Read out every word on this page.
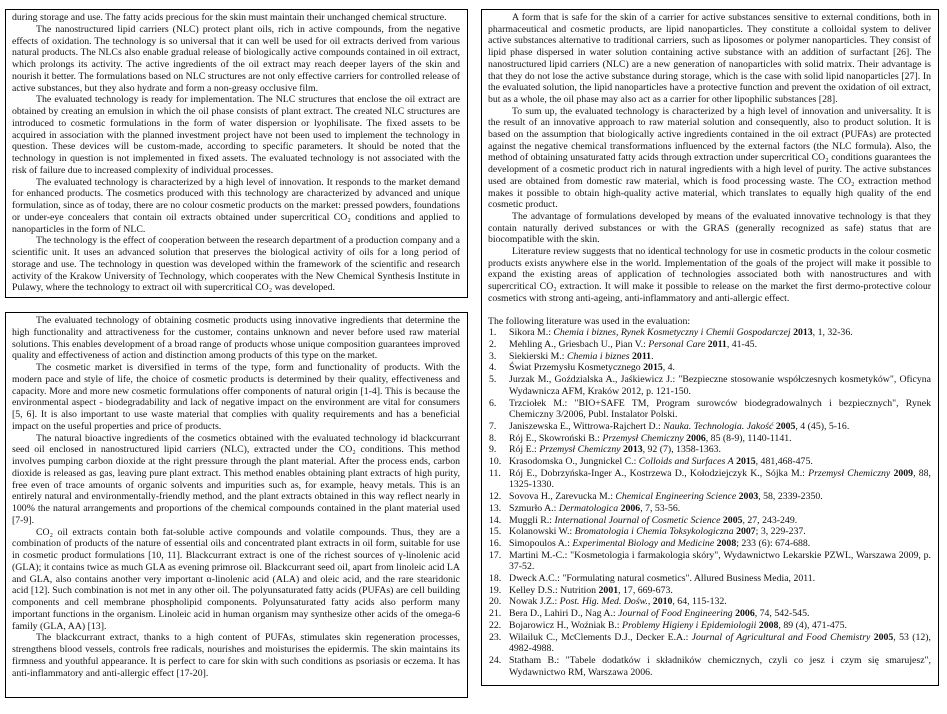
during storage and use. The fatty acids precious for the skin must maintain their unchanged chemical structure.

The nanostructured lipid carriers (NLC) protect plant oils, rich in active compounds, from the negative effects of oxidation. The technology is so universal that it can well be used for oil extracts derived from various natural products. The NLCs also enable gradual release of biologically active compounds contained in oil extract, which prolongs its activity. The active ingredients of the oil extract may reach deeper layers of the skin and nourish it better. The formulations based on NLC structures are not only effective carriers for controlled release of active substances, but they also hydrate and form a non-greasy occlusive film.

The evaluated technology is ready for implementation. The NLC structures that enclose the oil extract are obtained by creating an emulsion in which the oil phase consists of plant extract. The created NLC structures are introduced to cosmetic formulations in the form of water dispersion or lyophilisate. The fixed assets to be acquired in association with the planned investment project have not been used to implement the technology in question. These devices will be custom-made, according to specific parameters. It should be noted that the technology in question is not implemented in fixed assets. The evaluated technology is not associated with the risk of failure due to increased complexity of individual processes.

The evaluated technology is characterized by a high level of innovation. It responds to the market demand for enhanced products. The cosmetics produced with this technology are characterized by advanced and unique formulation, since as of today, there are no colour cosmetic products on the market: pressed powders, foundations or under-eye concealers that contain oil extracts obtained under supercritical CO₂ conditions and applied to nanoparticles in the form of NLC.

The technology is the effect of cooperation between the research department of a production company and a scientific unit. It uses an advanced solution that preserves the biological activity of oils for a long period of storage and use. The technology in question was developed within the framework of the scientific and research activity of the Krakow University of Technology, which cooperates with the New Chemical Synthesis Institute in Pulawy, where the technology to extract oil with supercritical CO₂ was developed.

The evaluated technology of obtaining cosmetic products using innovative ingredients that determine the high functionality and attractiveness for the customer, contains unknown and never before used raw material solutions. This enables development of a broad range of products whose unique composition guarantees improved quality and effectiveness of action and distinction among products of this type on the market.

The cosmetic market is diversified in terms of the type, form and functionality of products. With the modern pace and style of life, the choice of cosmetic products is determined by their quality, effectiveness and capacity. More and more new cosmetic formulations offer components of natural origin [1-4]. This is because the environmental aspect - biodegradability and lack of negative impact on the environment are vital for consumers [5, 6]. It is also important to use waste material that complies with quality requirements and has a beneficial impact on the useful properties and price of products.

The natural bioactive ingredients of the cosmetics obtained with the evaluated technology id blackcurrant seed oil enclosed in nanostructured lipid carriers (NLC), extracted under the CO₂ conditions. This method involves pumping carbon dioxide at the right pressure through the plant material. After the process ends, carbon dioxide is released as gas, leaving pure plant extract. This method enables obtaining plant extracts of high purity, free even of trace amounts of organic solvents and impurities such as, for example, heavy metals. This is an entirely natural and environmentally-friendly method, and the plant extracts obtained in this way reflect nearly in 100% the natural arrangements and proportions of the chemical compounds contained in the plant material used [7-9].

CO₂ oil extracts contain both fat-soluble active compounds and volatile compounds. Thus, they are a combination of products of the nature of essential oils and concentrated plant extracts in oil form, suitable for use in cosmetic product formulations [10, 11]. Blackcurrant extract is one of the richest sources of γ-linolenic acid (GLA); it contains twice as much GLA as evening primrose oil. Blackcurrant seed oil, apart from linoleic acid LA and GLA, also contains another very important α-linolenic acid (ALA) and oleic acid, and the rare stearidonic acid [12]. Such combination is not met in any other oil. The polyunsaturated fatty acids (PUFAs) are cell building components and cell membrane phospholipid components. Polyunsaturated fatty acids also perform many important functions in the organism. Linoleic acid in human organism may synthesize other acids of the omega-6 family (GLA, AA) [13].

The blackcurrant extract, thanks to a high content of PUFAs, stimulates skin regeneration processes, strengthens blood vessels, controls free radicals, nourishes and moisturises the epidermis. The skin maintains its firmness and youthful appearance. It is perfect to care for skin with such conditions as psoriasis or eczema. It has anti-inflammatory and anti-allergic effect [17-20].

A form that is safe for the skin of a carrier for active substances sensitive to external conditions, both in pharmaceutical and cosmetic products, are lipid nanoparticles. They constitute a colloidal system to deliver active substances alternative to traditional carriers, such as liposomes or polymer nanoparticles. They consist of lipid phase dispersed in water solution containing active substance with an addition of surfactant [26]. The nanostructured lipid carriers (NLC) are a new generation of nanoparticles with solid matrix. Their advantage is that they do not lose the active substance during storage, which is the case with solid lipid nanoparticles [27]. In the evaluated solution, the lipid nanoparticles have a protective function and prevent the oxidation of oil extract, but as a whole, the oil phase may also act as a carrier for other lipophilic substances [28].

To sum up, the evaluated technology is characterized by a high level of innovation and universality. It is the result of an innovative approach to raw material solution and consequently, also to product solution. It is based on the assumption that biologically active ingredients contained in the oil extract (PUFAs) are protected against the negative chemical transformations influenced by the external factors (the NLC formula). Also, the method of obtaining unsaturated fatty acids through extraction under supercritical CO₂ conditions guarantees the development of a cosmetic product rich in natural ingredients with a high level of purity. The active substances used are obtained from domestic raw material, which is food processing waste. The CO₂ extraction method makes it possible to obtain high-quality active material, which translates to equally high quality of the end cosmetic product.

The advantage of formulations developed by means of the evaluated innovative technology is that they contain naturally derived substances or with the GRAS (generally recognized as safe) status that are biocompatible with the skin.

Literature review suggests that no identical technology for use in cosmetic products in the colour cosmetic products exists anywhere else in the world. Implementation of the goals of the project will make it possible to expand the existing areas of application of technologies associated both with nanostructures and with supercritical CO₂ extraction. It will make it possible to release on the market the first dermo-protective colour cosmetics with strong anti-ageing, anti-inflammatory and anti-allergic effect.

The following literature was used in the evaluation:

1. Sikora M.: Chemia i biznes, Rynek Kosmetyczny i Chemii Gospodarczej 2013, 1, 32-36.
2. Mehling A., Griesbach U., Pian V.: Personal Care 2011, 41-45.
3. Siekierski M.: Chemia i biznes 2011.
4. Świat Przemysłu Kosmetycznego 2015, 4.
5. Jurzak M., Goździalska A., Jaśkiewicz J.: "Bezpieczne stosowanie współczesnych kosmetyków", Oficyna Wydawnicza AFM, Kraków 2012, p. 121-150.
6. Trzciołek M.: "BIO+SAFE TM, Program surowców biodegradowalnych i bezpiecznych", Rynek Chemiczny 3/2006, Publ. Instalator Polski.
7. Janiszewska E., Wittrowa-Rajchert D.: Nauka. Technologia. Jakość 2005, 4 (45), 5-16.
8. Rój E., Skowroński B.: Przemysł Chemiczny 2006, 85 (8-9), 1140-1141.
9. Rój E.: Przemysł Chemiczny 2013, 92 (7), 1358-1363.
10. Krasodomska O., Jungnickel C.: Colloids and Surfaces A 2015, 481,468-475.
11. Rój E., Dobrzyńska-Inger A., Kostrzewa D., Kołodziejczyk K., Sójka M.: Przemysł Chemiczny 2009, 88, 1325-1330.
12. Sovova H., Zarevucka M.: Chemical Engineering Science 2003, 58, 2339-2350.
13. Szmurło A.: Dermatologica 2006, 7, 53-56.
14. Muggli R.: International Journal of Cosmetic Science 2005, 27, 243-249.
15. Kolanowski W.: Bromatologia i Chemia Toksykologiczna 2007; 3, 229-237.
16. Simopoulos A.: Experimental Biology and Medicine 2008; 233 (6): 674-688.
17. Martini M.-C.: "Kosmetologia i farmakologia skóry", Wydawnictwo Lekarskie PZWL, Warszawa 2009, p. 37-52.
18. Dweck A.C.: "Formulating natural cosmetics". Allured Business Media, 2011.
19. Kelley D.S.: Nutrition 2001, 17, 669-673.
20. Nowak J.Z.: Post. Hig. Med. Dośw., 2010, 64, 115-132.
21. Bera D., Lahiri D., Nag A.: Journal of Food Engineering 2006, 74, 542-545.
22. Bojarowicz H., Woźniak B.: Problemy Higieny i Epidemiologii 2008, 89 (4), 471-475.
23. Wilailuk C., McClements D.J., Decker E.A.: Journal of Agricultural and Food Chemistry 2005, 53 (12), 4982-4988.
24. Statham B.: "Tabele dodatków i składników chemicznych, czyli co jesz i czym się smarujesz", Wydawnictwo RM, Warszawa 2006.
